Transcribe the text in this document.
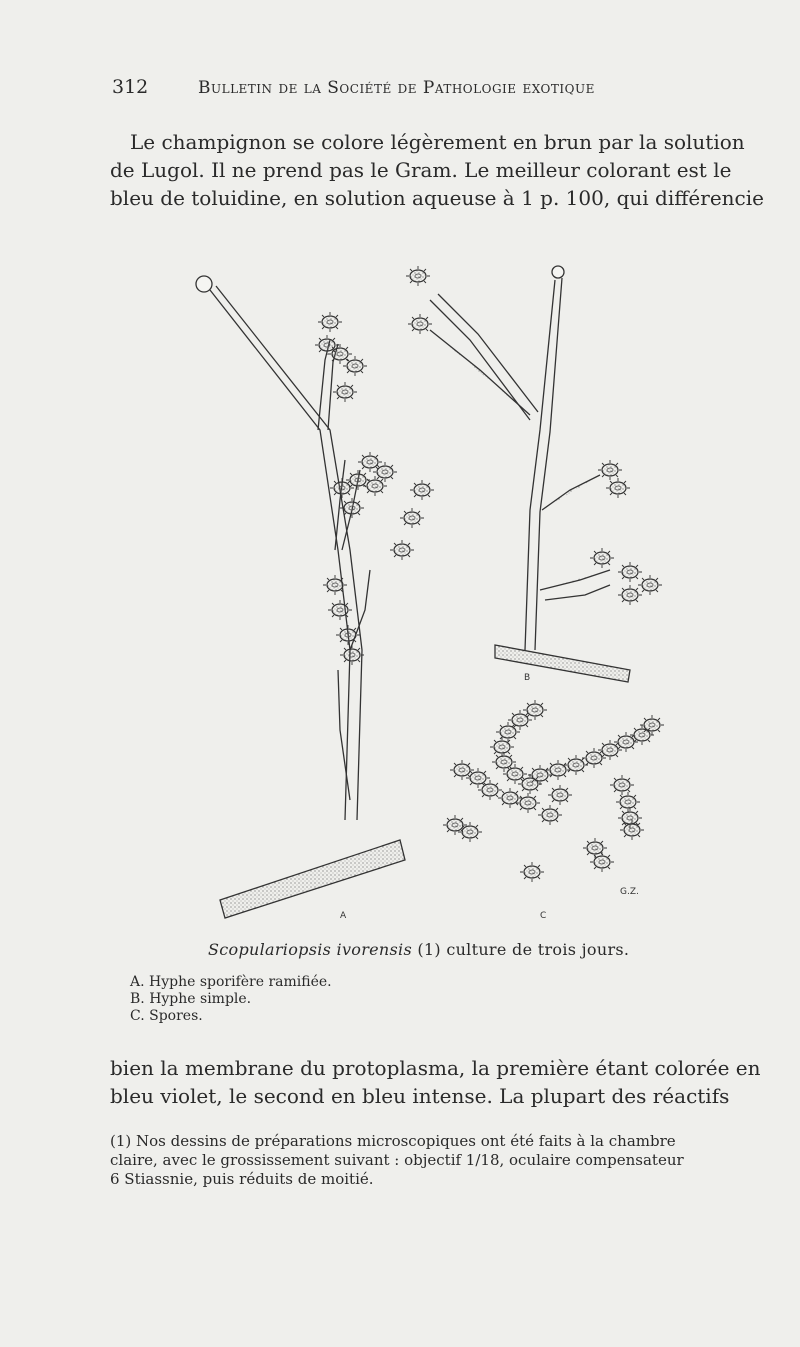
312	Bulletin de la Société de Pathologie exotique
Le champignon se colore légèrement en brun par la solution
de Lugol. Il ne prend pas le Gram. Le meilleur colorant est le
bleu de toluidine, en solution aqueuse à 1 p. 100, qui différencie
B
A	C
G.Z.
Scopulariopsis ivorensis (1) culture de trois jours.
A. Hyphe sporifère ramifiée.
B. Hyphe simple.
C. Spores.
bien la membrane du protoplasma, la première étant colorée en
bleu violet, le second en bleu intense. La plupart des réactifs
(1) Nos dessins de préparations microscopiques ont été faits à la chambre
claire, avec le grossissement suivant : objectif 1/18, oculaire compensateur
6 Stiassnie, puis réduits de moitié.
